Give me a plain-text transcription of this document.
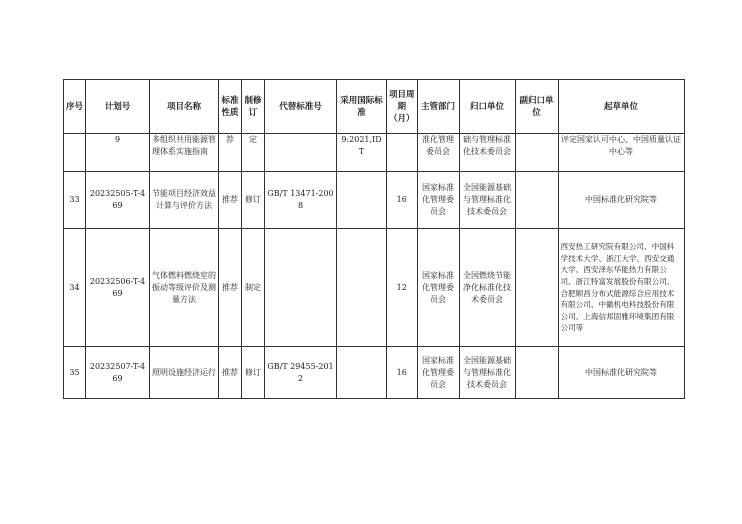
序号	计划号	项目名称	标准性质	制修订	代替标准号	采用国际标准	项目周期（月）	主管部门	归口单位	副归口单位	起草单位
	9	多组织共用能源管理体系实施指南	荐	定		9:2021,IDT		准化管理委员会	础与管理标准化技术委员会		评定国家认可中心、中国质量认证中心等
33	20232505-T-469	节能项目经济效益计算与评价方法	推荐	修订	GB/T 13471-2008		16	国家标准化管理委员会	全国能源基础与管理标准化技术委员会		中国标准化研究院等
34	20232506-T-469	气体燃料燃烧室的振动等级评价及测量方法	推荐	制定			12	国家标准化管理委员会	全国燃烧节能净化标准化技术委员会		西安热工研究院有限公司、中国科学技术大学、浙江大学、西安交通大学、西安泽东华能热力有限公司、浙江特富发展股份有限公司、合肥顺昌分布式能源综合应用技术有限公司、中徽机电科技股份有限公司、上海信邦固雅环境集团有限公司等
35	20232507-T-469	照明设施经济运行	推荐	修订	GB/T 29455-2012		16	国家标准化管理委员会	全国能源基础与管理标准化技术委员会		中国标准化研究院等
